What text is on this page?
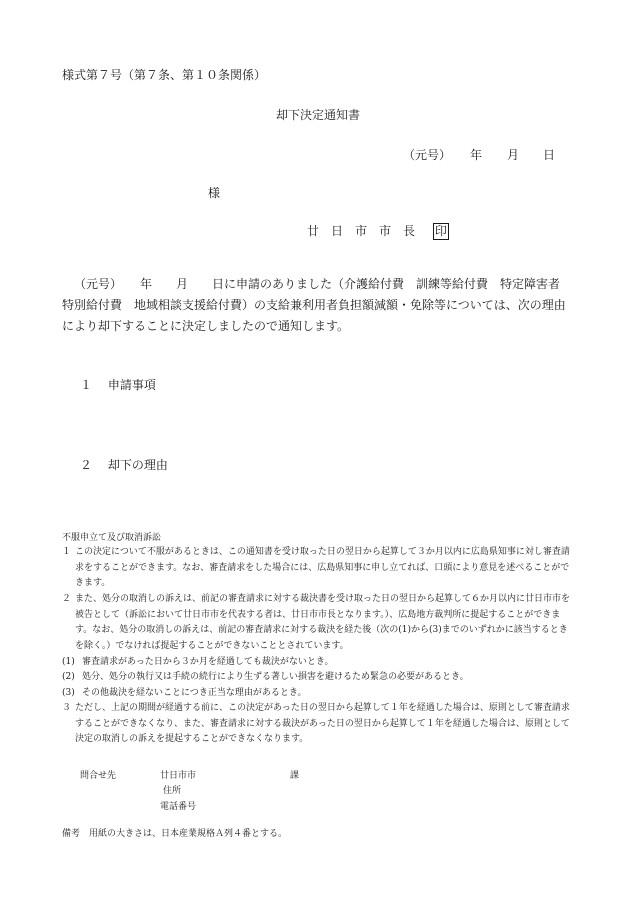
様式第７号（第７条、第１０条関係）
却下決定通知書
（元号） 年 月 日
様
廿　日　市　市　長 印
（元号）　　年　　月　　日に申請のありました（介護給付費　訓練等給付費　特定障害者特別給付費　地域相談支援給付費）の支給兼利用者負担額減額・免除等については、次の理由により却下することに決定しましたので通知します。
１ 申請事項
２ 却下の理由
不服申立て及び取消訴訟
１ この決定について不服があるときは、この通知書を受け取った日の翌日から起算して３か月以内に広島県知事に対し審査請求をすることができます。なお、審査請求をした場合には、広島県知事に申し立てれば、口頭により意見を述べることができます。
２ また、処分の取消しの訴えは、前記の審査請求に対する裁決書を受け取った日の翌日から起算して６か月以内に廿日市市を被告として（訴訟において廿日市市を代表する者は、廿日市市長となります。）、広島地方裁判所に提起することができます。なお、処分の取消しの訴えは、前記の審査請求に対する裁決を経た後（次の(1)から(3)までのいずれかに該当するときを除く。）でなければ提起することができないこととされています。
(1) 審査請求があった日から３か月を経過しても裁決がないとき。
(2) 処分、処分の執行又は手続の続行により生ずる著しい損害を避けるため緊急の必要があるとき。
(3) その他裁決を経ないことにつき正当な理由があるとき。
３ ただし、上記の期間が経過する前に、この決定があった日の翌日から起算して１年を経過した場合は、原則として審査請求することができなくなり、また、審査請求に対する裁決があった日の翌日から起算して１年を経過した場合は、原則として決定の取消しの訴えを提起することができなくなります。
問合せ先	廿日市市	課
住所
電話番号
備考　用紙の大きさは、日本産業規格Ａ列４番とする。
